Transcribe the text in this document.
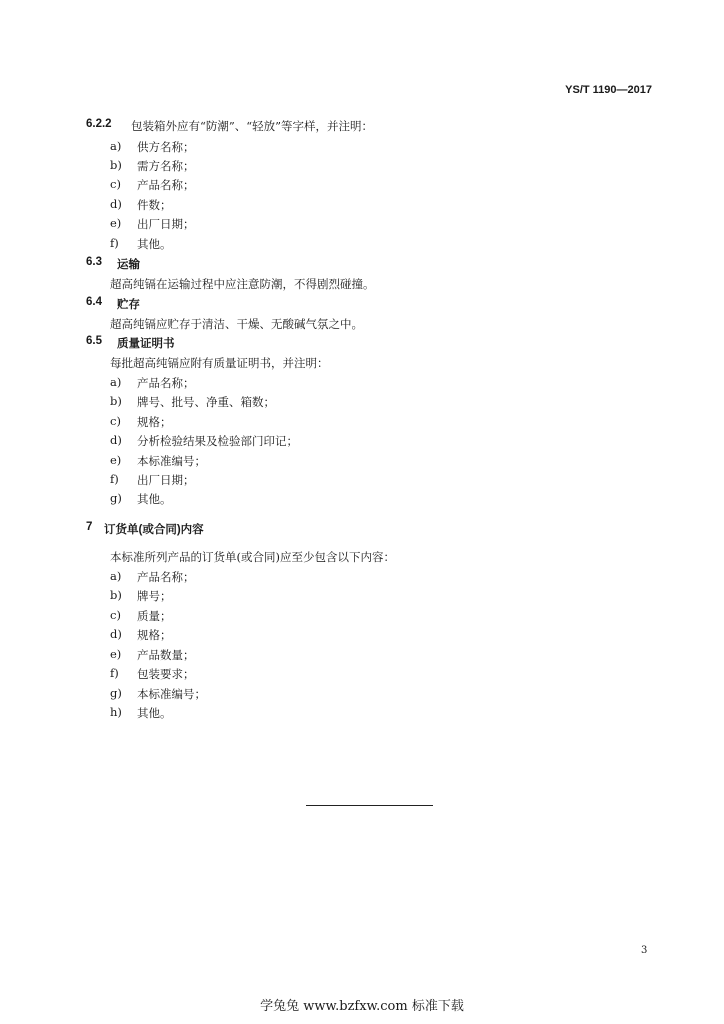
YS/T 1190—2017
6.2.2 包装箱外应有“防潮”、“轻放”等字样，并注明：
a)	供方名称；
b)	需方名称；
c)	产品名称；
d)	件数；
e)	出厂日期；
f)	其他。
6.3 运输
超高纯镉在运输过程中应注意防潮，不得剧烈碰撞。
6.4 贮存
超高纯镉应贮存于清洁、干燥、无酸碱气氛之中。
6.5 质量证明书
每批超高纯镉应附有质量证明书，并注明：
a)	产品名称；
b)	牌号、批号、净重、箱数；
c)	规格；
d)	分析检验结果及检验部门印记；
e)	本标准编号；
f)	出厂日期；
g)	其他。
7 订货单(或合同)内容
本标准所列产品的订货单(或合同)应至少包含以下内容：
a)	产品名称；
b)	牌号；
c)	质量；
d)	规格；
e)	产品数量；
f)	包装要求；
g)	本标准编号；
h)	其他。
3
学兔兔 www.bzfxw.com 标准下载
